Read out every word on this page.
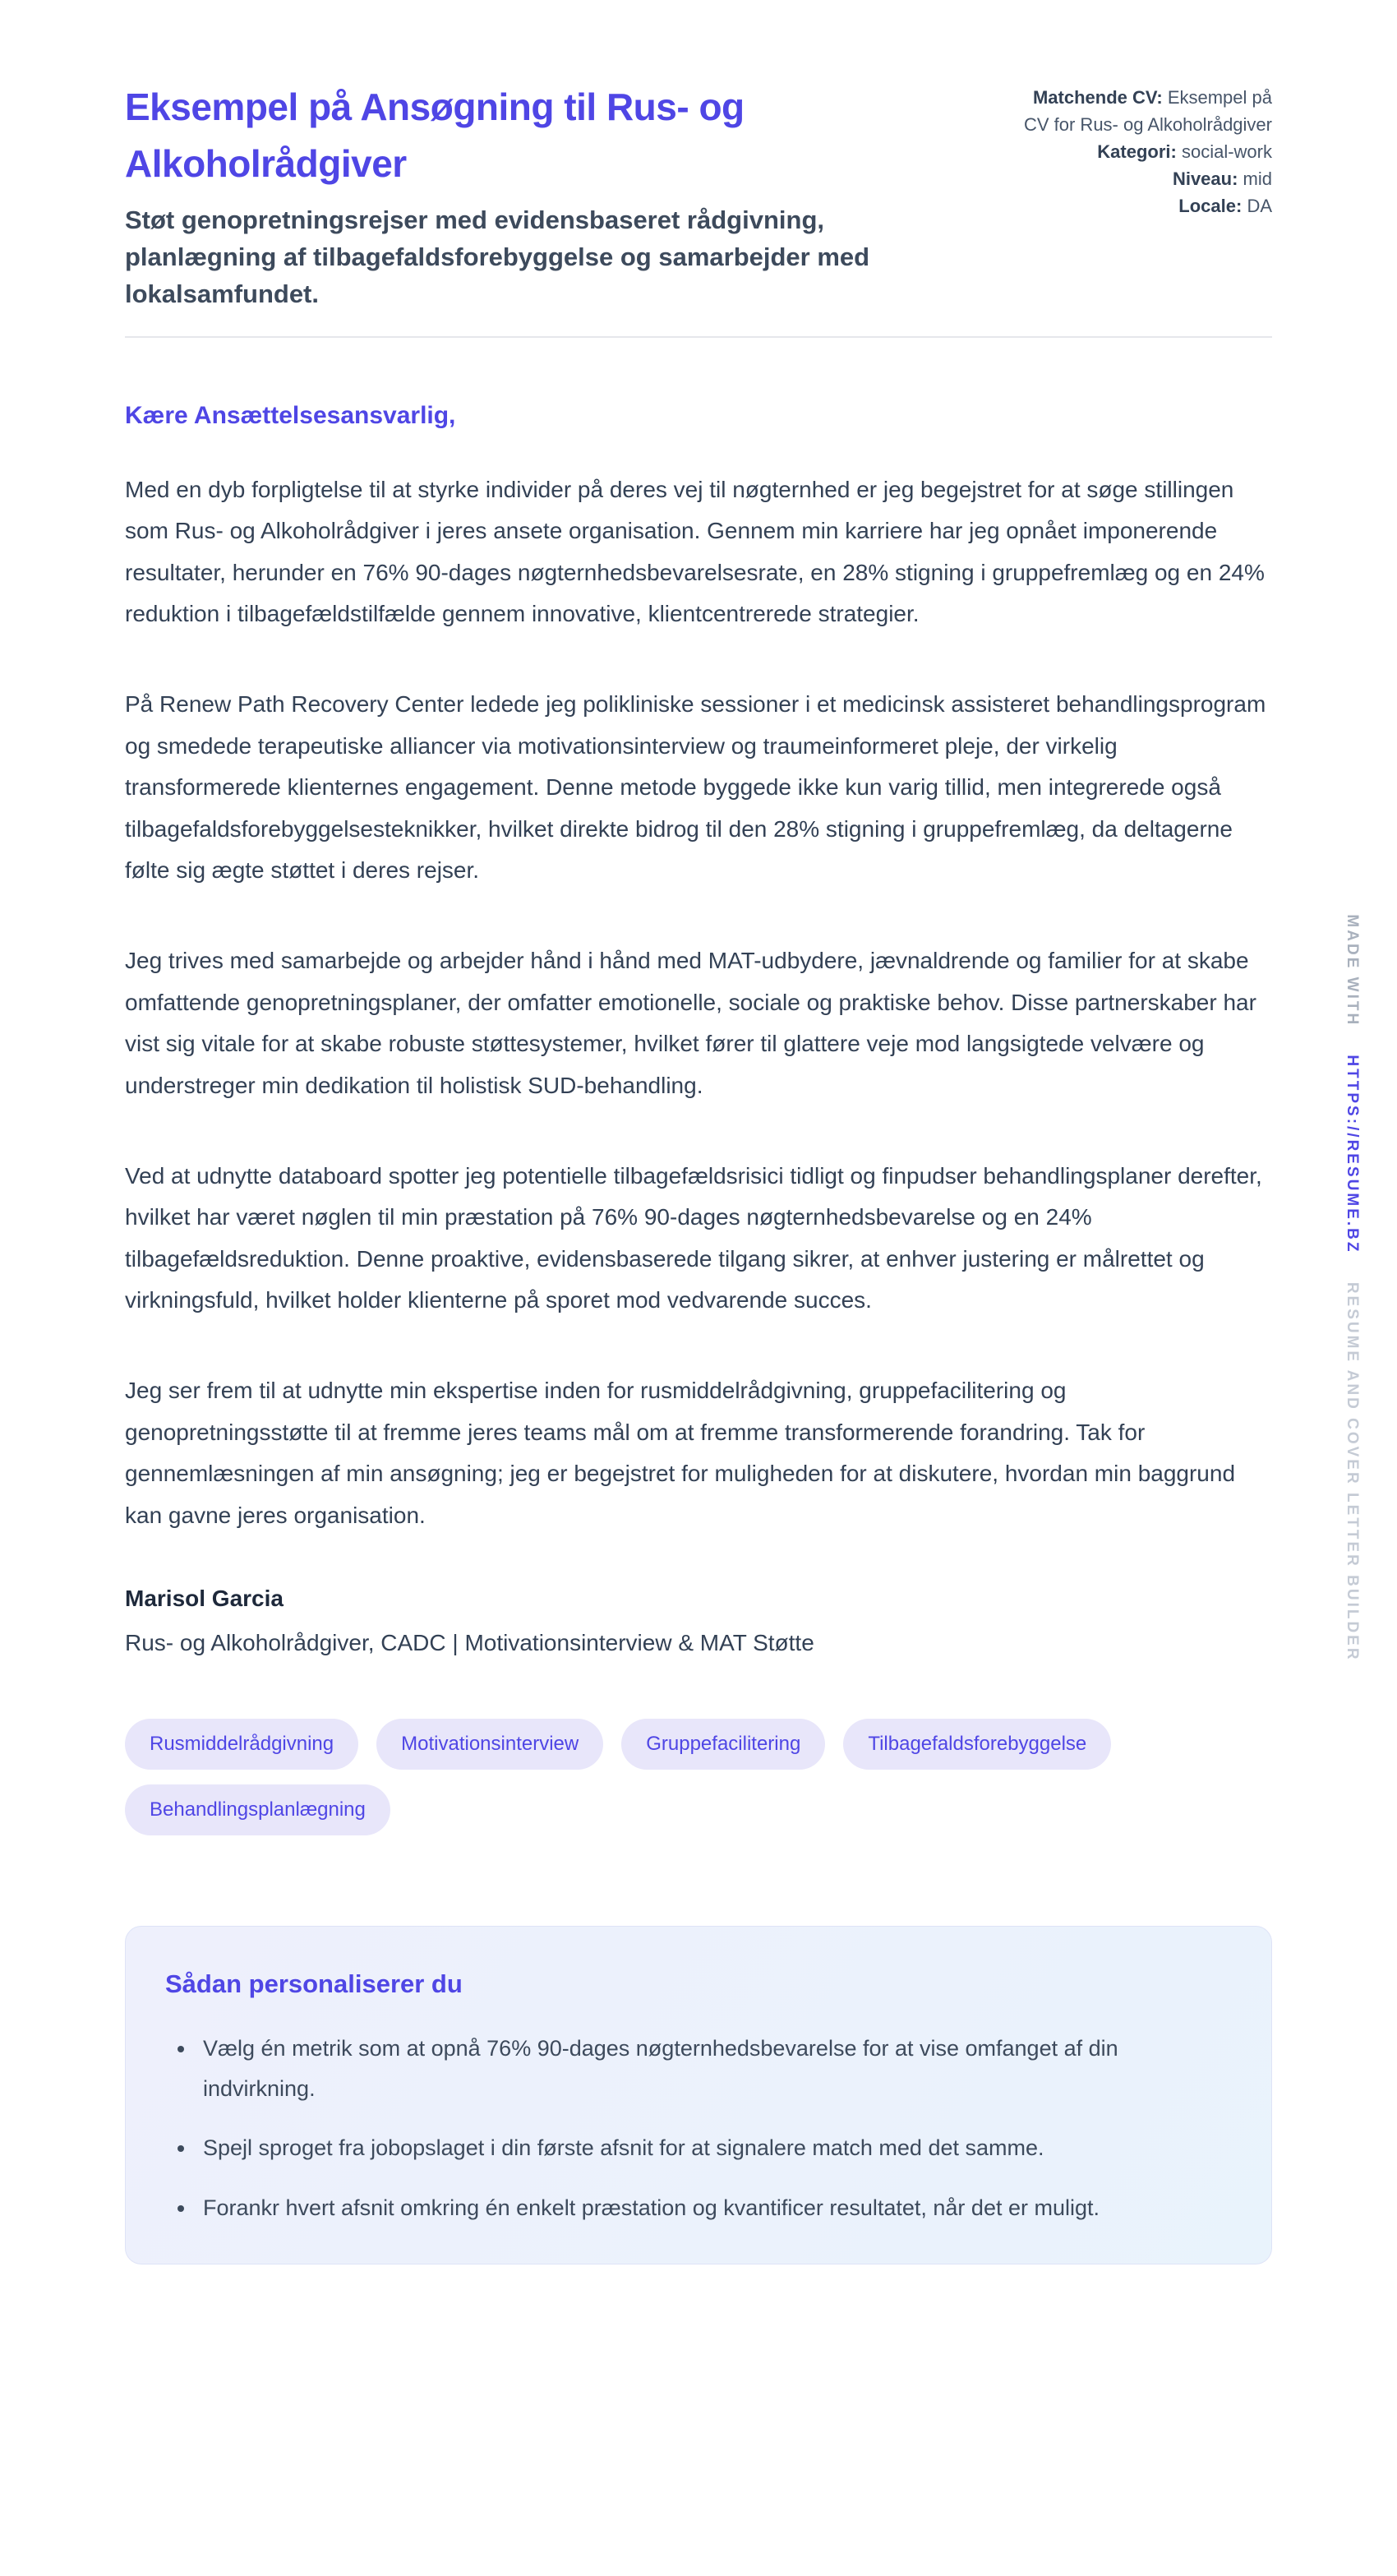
Eksempel på Ansøgning til Rus- og Alkoholrådgiver

Støt genopretningsrejser med evidensbaseret rådgivning, planlægning af tilbagefaldsforebyggelse og samarbejder med lokalsamfundet.

Matchende CV: Eksempel på CV for Rus- og Alkoholrådgiver
Kategori: social-work
Niveau: mid
Locale: DA

Kære Ansættelsesansvarlig,

Med en dyb forpligtelse til at styrke individer på deres vej til nøgternhed er jeg begejstret for at søge stillingen som Rus- og Alkoholrådgiver i jeres ansete organisation. Gennem min karriere har jeg opnået imponerende resultater, herunder en 76% 90-dages nøgternhedsbevarelsesrate, en 28% stigning i gruppefremlæg og en 24% reduktion i tilbagefældstilfælde gennem innovative, klientcentrerede strategier.

På Renew Path Recovery Center ledede jeg polikliniske sessioner i et medicinsk assisteret behandlingsprogram og smedede terapeutiske alliancer via motivationsinterview og traumeinformeret pleje, der virkelig transformerede klienternes engagement. Denne metode byggede ikke kun varig tillid, men integrerede også tilbagefaldsforebyggelsesteknikker, hvilket direkte bidrog til den 28% stigning i gruppefremlæg, da deltagerne følte sig ægte støttet i deres rejser.

Jeg trives med samarbejde og arbejder hånd i hånd med MAT-udbydere, jævnaldrende og familier for at skabe omfattende genopretningsplaner, der omfatter emotionelle, sociale og praktiske behov. Disse partnerskaber har vist sig vitale for at skabe robuste støttesystemer, hvilket fører til glattere veje mod langsigtede velvære og understreger min dedikation til holistisk SUD-behandling.

Ved at udnytte databoard spotter jeg potentielle tilbagefældsrisici tidligt og finpudser behandlingsplaner derefter, hvilket har været nøglen til min præstation på 76% 90-dages nøgternhedsbevarelse og en 24% tilbagefældsreduktion. Denne proaktive, evidensbaserede tilgang sikrer, at enhver justering er målrettet og virkningsfuld, hvilket holder klienterne på sporet mod vedvarende succes.

Jeg ser frem til at udnytte min ekspertise inden for rusmiddelrådgivning, gruppefacilitering og genopretningsstøtte til at fremme jeres teams mål om at fremme transformerende forandring. Tak for gennemlæsningen af min ansøgning; jeg er begejstret for muligheden for at diskutere, hvordan min baggrund kan gavne jeres organisation.

Marisol Garcia
Rus- og Alkoholrådgiver, CADC | Motivationsinterview & MAT Støtte
Rusmiddelrådgivning	Motivationsinterview	Gruppefacilitering	Tilbagefaldsforebyggelse
Behandlingsplanlægning
Sådan personaliserer du
• Vælg én metrik som at opnå 76% 90-dages nøgternhedsbevarelse for at vise omfanget af din indvirkning.
• Spejl sproget fra jobopslaget i din første afsnit for at signalere match med det samme.
• Forankr hvert afsnit omkring én enkelt præstation og kvantificer resultatet, når det er muligt.
MADE WITH HTTPS://RESUME.BZ RESUME AND COVER LETTER BUILDER
